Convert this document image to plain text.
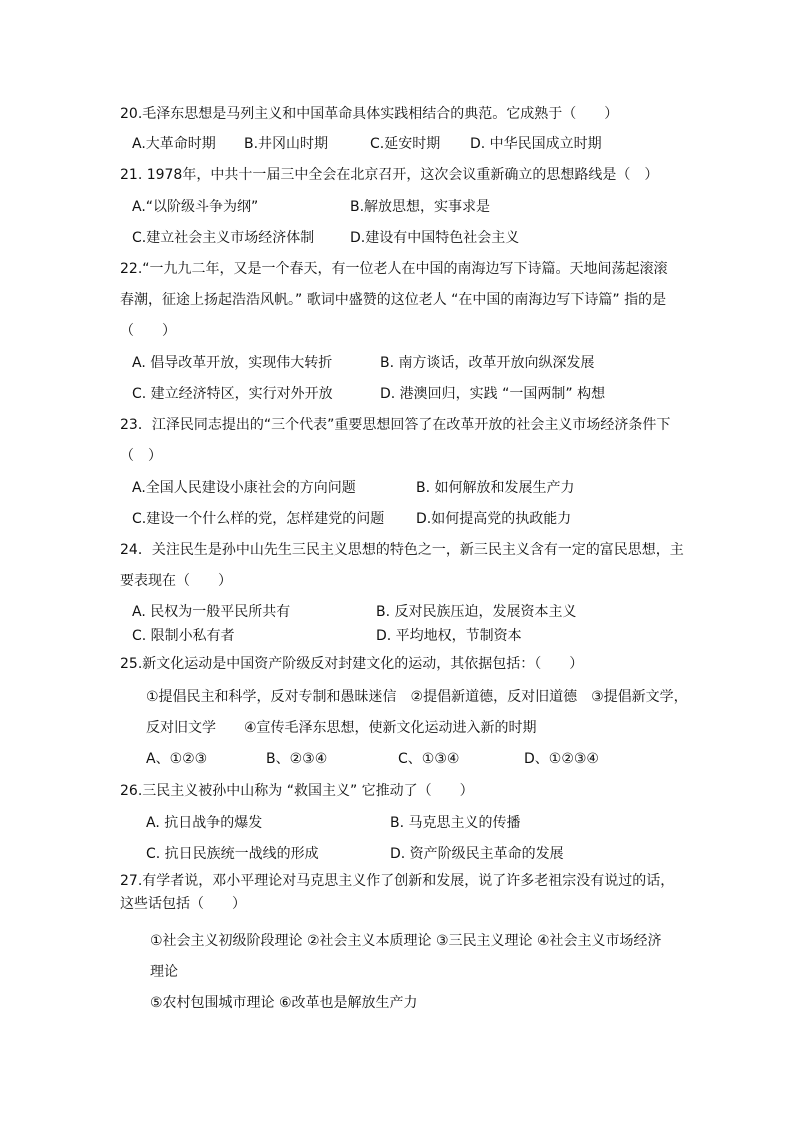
20.毛泽东思想是马列主义和中国革命具体实践相结合的典范。它成熟于（　　）
A.大革命时期 B.井冈山时期	C.延安时期 D. 中华民国成立时期
21. 1978年，中共十一届三中全会在北京召开，这次会议重新确立的思想路线是（　）
A.“以阶级斗争为纲”	B.解放思想，实事求是
C.建立社会主义市场经济体制	D.建设有中国特色社会主义
22.“一九九二年，又是一个春天，有一位老人在中国的南海边写下诗篇。天地间荡起滚滚
春潮，征途上扬起浩浩风帆。” 歌词中盛赞的这位老人 “在中国的南海边写下诗篇” 指的是
（　　）
A. 倡导改革开放，实现伟大转折	B. 南方谈话，改革开放向纵深发展
C. 建立经济特区，实行对外开放	D. 港澳回归，实践 “一国两制” 构想
23．江泽民同志提出的“三个代表”重要思想回答了在改革开放的社会主义市场经济条件下
（　）
A.全国人民建设小康社会的方向问题	B. 如何解放和发展生产力
C.建设一个什么样的党，怎样建党的问题 D.如何提高党的执政能力
24．关注民生是孙中山先生三民主义思想的特色之一，新三民主义含有一定的富民思想，主
要表现在（　　）
A. 民权为一般平民所共有	B. 反对民族压迫，发展资本主义
C. 限制小私有者	D. 平均地权，节制资本
25.新文化运动是中国资产阶级反对封建文化的运动，其依据包括：（　　）
①提倡民主和科学，反对专制和愚昧迷信　②提倡新道德，反对旧道德　③提倡新文学，
反对旧文学　　④宣传毛泽东思想，使新文化运动进入新的时期
A、①②③	B、②③④	C、①③④	D、①②③④
26.三民主义被孙中山称为 “救国主义” 它推动了（　　）
A. 抗日战争的爆发	B. 马克思主义的传播
C. 抗日民族统一战线的形成	D. 资产阶级民主革命的发展
27.有学者说，邓小平理论对马克思主义作了创新和发展，说了许多老祖宗没有说过的话，
这些话包括（　　）
①社会主义初级阶段理论 ②社会主义本质理论 ③三民主义理论 ④社会主义市场经济
理论
⑤农村包围城市理论 ⑥改革也是解放生产力
